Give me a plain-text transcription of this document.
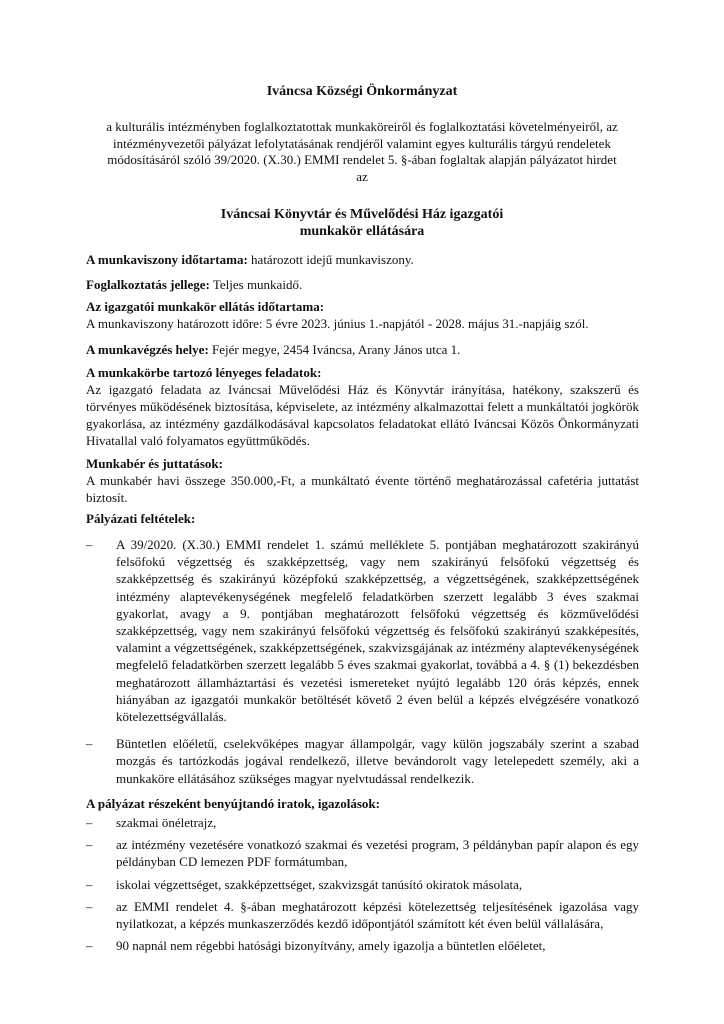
Iváncsa Községi Önkormányzat
a kulturális intézményben foglalkoztatottak munkaköreiről és foglalkoztatási követelményeiről, az intézményvezetői pályázat lefolytatásának rendjéről valamint egyes kulturális tárgyú rendeletek módosításáról szóló 39/2020. (X.30.) EMMI rendelet 5. §-ában foglaltak alapján pályázatot hirdet az
Iváncsai Könyvtár és Művelődési Ház igazgatói
munkakör ellátására
A munkaviszony időtartama: határozott idejű munkaviszony.
Foglalkoztatás jellege: Teljes munkaidő.
Az igazgatói munkakör ellátás időtartama:
A munkaviszony határozott időre: 5 évre 2023. június 1.-napjától - 2028. május 31.-napjáig szól.
A munkavégzés helye: Fejér megye, 2454 Iváncsa, Arany János utca 1.
A munkakörbe tartozó lényeges feladatok:
Az igazgató feladata az Iváncsai Művelődési Ház és Könyvtár irányítása, hatékony, szakszerű és törvényes működésének biztosítása, képviselete, az intézmény alkalmazottai felett a munkáltatói jogkörök gyakorlása, az intézmény gazdálkodásával kapcsolatos feladatokat ellátó Iváncsai Közös Önkormányzati Hivatallal való folyamatos együttműködés.
Munkabér és juttatások:
A munkabér havi összege 350.000,-Ft, a munkáltató évente történő meghatározással cafetéria juttatást biztosít.
Pályázati feltételek:
– A 39/2020. (X.30.) EMMI rendelet 1. számú melléklete 5. pontjában meghatározott szakirányú felsőfokú végzettség és szakképzettség, vagy nem szakirányú felsőfokú végzettség és szakképzettség és szakirányú középfokú szakképzettség, a végzettségének, szakképzettségének intézmény alaptevékenységének megfelelő feladatkörben szerzett legalább 3 éves szakmai gyakorlat, avagy a 9. pontjában meghatározott felsőfokú végzettség és közművelődési szakképzettség, vagy nem szakirányú felsőfokú végzettség és felsőfokú szakirányú szakképesítés, valamint a végzettségének, szakképzettségének, szakvizsgájának az intézmény alaptevékenységének megfelelő feladatkörben szerzett legalább 5 éves szakmai gyakorlat, továbbá a 4. § (1) bekezdésben meghatározott államháztartási és vezetési ismereteket nyújtó legalább 120 órás képzés, ennek hiányában az igazgatói munkakör betöltését követő 2 éven belül a képzés elvégzésére vonatkozó kötelezettségvállalás.
– Büntetlen előéletű, cselekvőképes magyar állampolgár, vagy külön jogszabály szerint a szabad mozgás és tartózkodás jogával rendelkező, illetve bevándorolt vagy letelepedett személy, aki a munkaköre ellátásához szükséges magyar nyelvtudással rendelkezik.
A pályázat részeként benyújtandó iratok, igazolások:
– szakmai önéletrajz,
– az intézmény vezetésére vonatkozó szakmai és vezetési program, 3 példányban papír alapon és egy példányban CD lemezen PDF formátumban,
– iskolai végzettséget, szakképzettséget, szakvizsgát tanúsító okiratok másolata,
– az EMMI rendelet 4. §-ában meghatározott képzési kötelezettség teljesítésének igazolása vagy nyilatkozat, a képzés munkaszerződés kezdő időpontjától számított két éven belül vállalására,
– 90 napnál nem régebbi hatósági bizonyítvány, amely igazolja a büntetlen előéletet,
